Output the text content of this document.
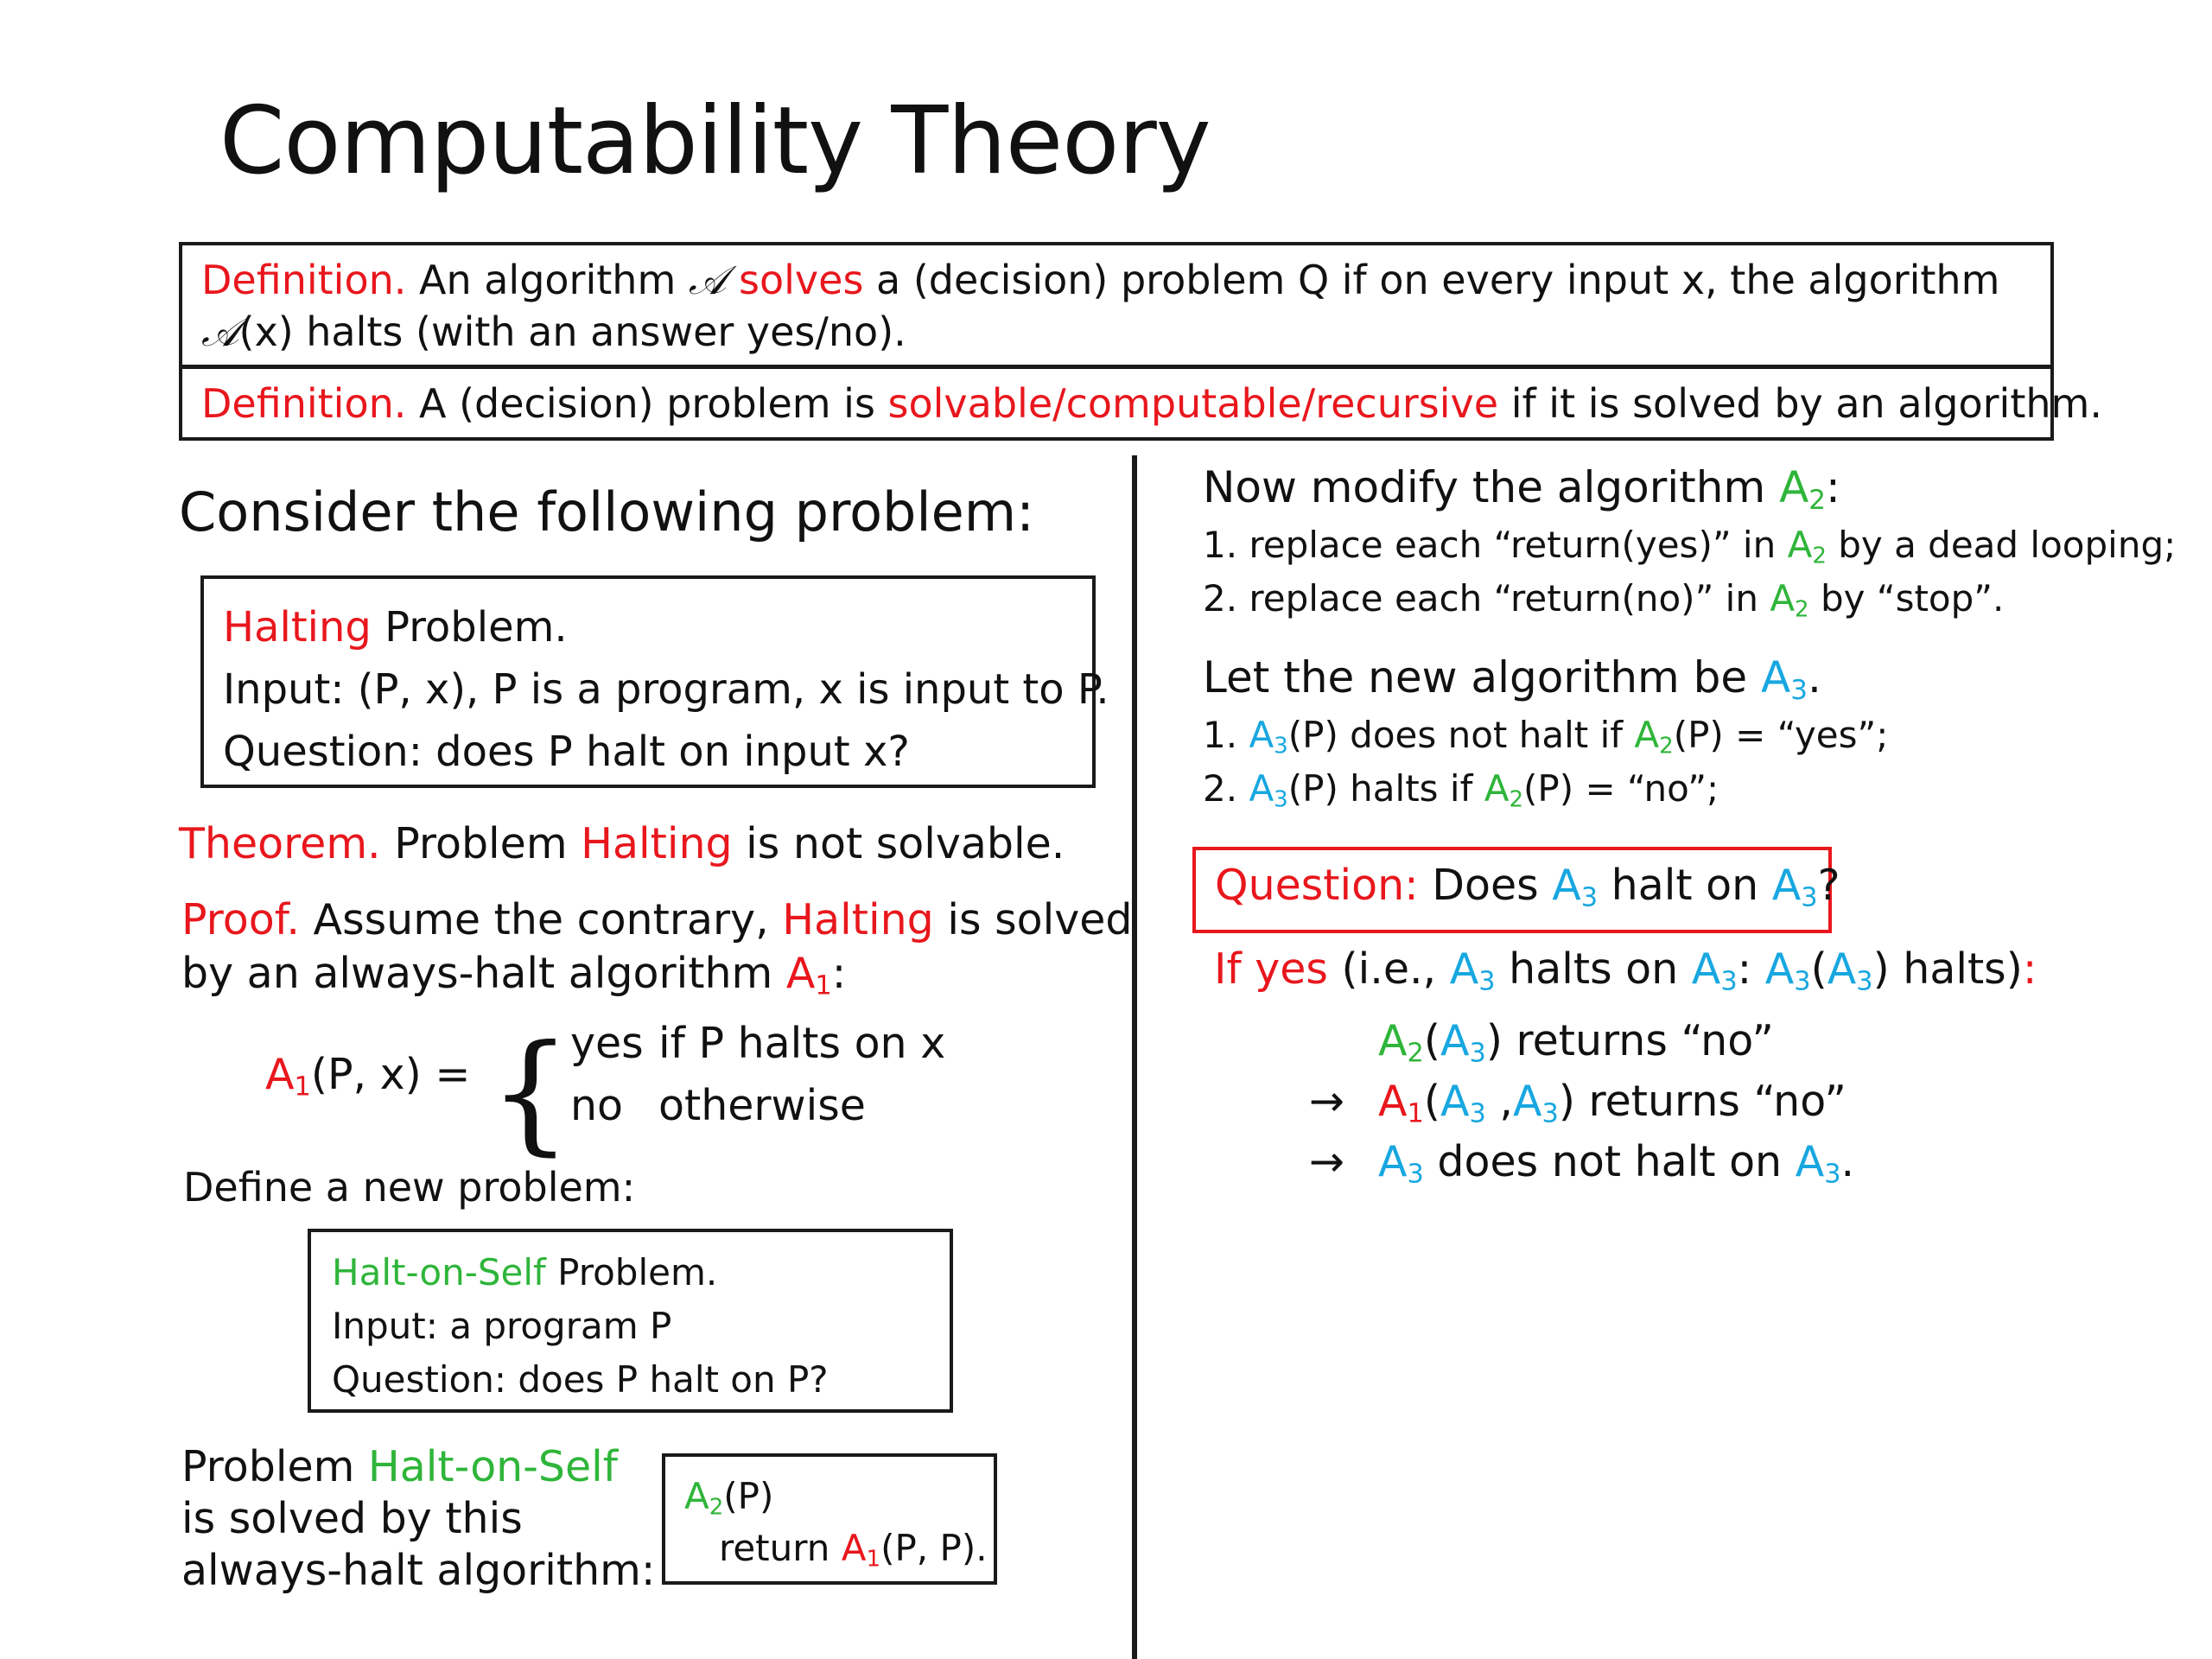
Computability Theory
Definition. An algorithm 𝒜 solves a (decision) problem Q if on every input x, the algorithm
𝒜(x) halts (with an answer yes/no).
Definition. A (decision) problem is solvable/computable/recursive if it is solved by an algorithm.
Consider the following problem:
Halting Problem.
Input: (P, x), P is a program, x is input to P.
Question: does P halt on input x?
Theorem. Problem Halting is not solvable.
Proof. Assume the contrary, Halting is solved
by an always-halt algorithm $A_1$:
$A_1(P$, x) = {
yes if P halts on x
no otherwise
Define a new problem:
Halt-on-Self Problem.
Input: a program P
Question: does P halt on P?
Problem Halt-on-Self
is solved by this
always-halt algorithm:
$A_2(P)$
return $A_1(P$, P).
Now modify the algorithm $A_2$:
1. replace each “return(yes)” in $A_2$ by a dead looping;
2. replace each “return(no)” in $A_2$ by “stop”.
Let the new algorithm be $A_3$.
1. $A_3(P)$ does not halt if $A_2(P)$ = “yes”;
2. $A_3(P)$ halts if $A_2(P)$ = “no”;
Question: Does $A_3$ halt on $A_3$?
If yes (i.e., $A_3$ halts on $A_3$: $A_3(A_3)$ halts):
$A_2(A_3)$ returns “no”
→ $A_1(A_3$ $,A_3$) returns “no”
→ $A_3$ does not halt on $A_3$.
